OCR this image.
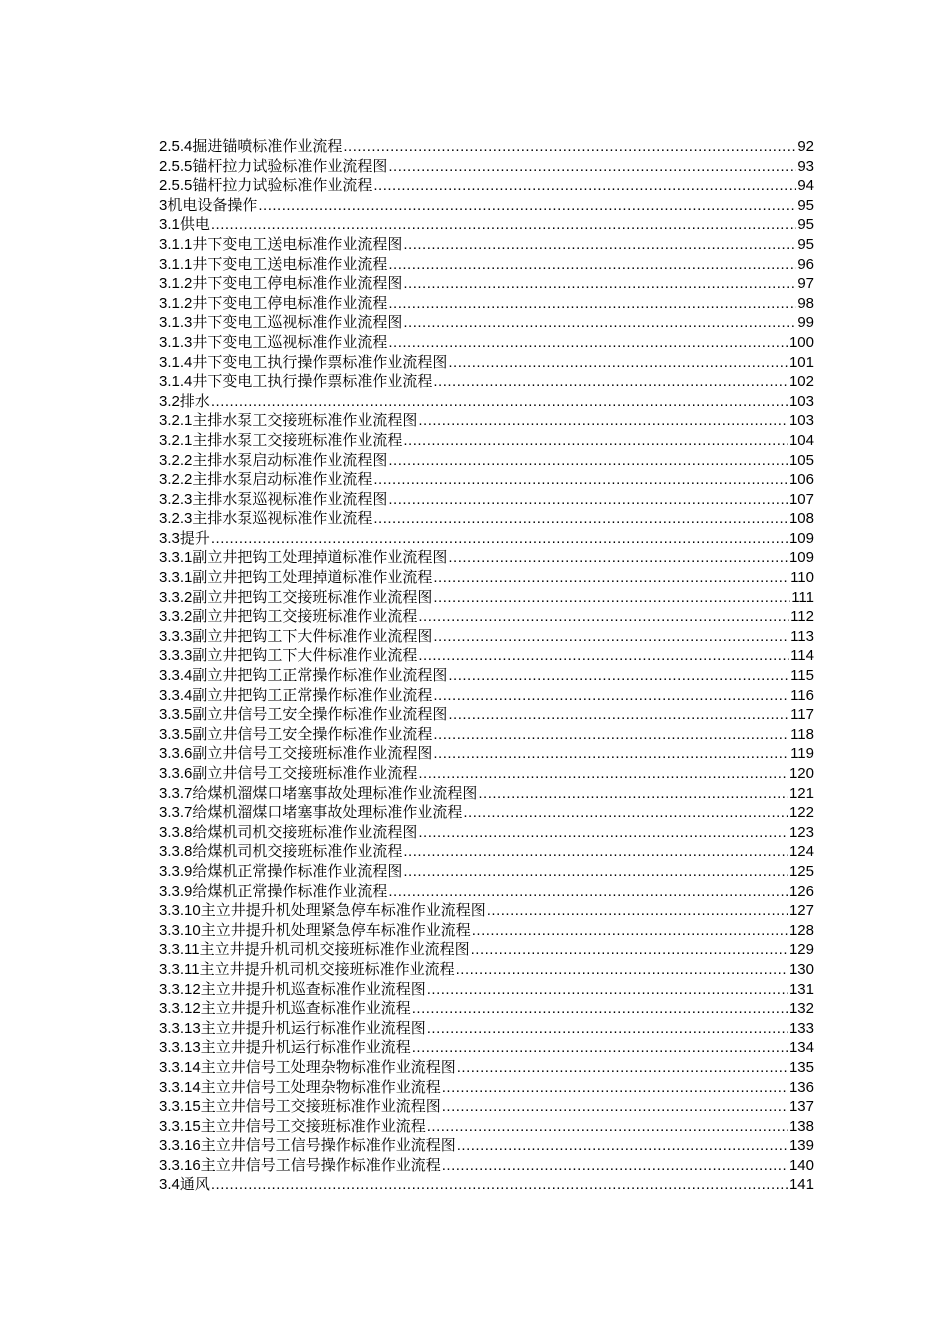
2.5.4 掘进锚喷标准作业流程 .....	92
2.5.5 锚杆拉力试验标准作业流程图 .....	93
2.5.5 锚杆拉力试验标准作业流程 .....	94
3 机电设备操作 .....	95
3.1 供电 .....	95
3.1.1 井下变电工送电标准作业流程图 .....	95
3.1.1 井下变电工送电标准作业流程 .....	96
3.1.2 井下变电工停电标准作业流程图 .....	97
3.1.2 井下变电工停电标准作业流程 .....	98
3.1.3 井下变电工巡视标准作业流程图 .....	99
3.1.3 井下变电工巡视标准作业流程 .....	100
3.1.4 井下变电工执行操作票标准作业流程图 .....	101
3.1.4 井下变电工执行操作票标准作业流程 .....	102
3.2 排水 .....	103
3.2.1 主排水泵工交接班标准作业流程图 .....	103
3.2.1 主排水泵工交接班标准作业流程 .....	104
3.2.2 主排水泵启动标准作业流程图 .....	105
3.2.2 主排水泵启动标准作业流程 .....	106
3.2.3 主排水泵巡视标准作业流程图 .....	107
3.2.3 主排水泵巡视标准作业流程 .....	108
3.3 提升 .....	109
3.3.1 副立井把钩工处理掉道标准作业流程图 .....	109
3.3.1 副立井把钩工处理掉道标准作业流程 .....	110
3.3.2 副立井把钩工交接班标准作业流程图 .....	111
3.3.2 副立井把钩工交接班标准作业流程 .....	112
3.3.3 副立井把钩工下大件标准作业流程图 .....	113
3.3.3 副立井把钩工下大件标准作业流程 .....	114
3.3.4 副立井把钩工正常操作标准作业流程图 .....	115
3.3.4 副立井把钩工正常操作标准作业流程 .....	116
3.3.5 副立井信号工安全操作标准作业流程图 .....	117
3.3.5 副立井信号工安全操作标准作业流程 .....	118
3.3.6 副立井信号工交接班标准作业流程图 .....	119
3.3.6 副立井信号工交接班标准作业流程 .....	120
3.3.7 给煤机溜煤口堵塞事故处理标准作业流程图 .....	121
3.3.7 给煤机溜煤口堵塞事故处理标准作业流程 .....	122
3.3.8 给煤机司机交接班标准作业流程图 .....	123
3.3.8 给煤机司机交接班标准作业流程 .....	124
3.3.9 给煤机正常操作标准作业流程图 .....	125
3.3.9 给煤机正常操作标准作业流程 .....	126
3.3.10 主立井提升机处理紧急停车标准作业流程图 .....	127
3.3.10 主立井提升机处理紧急停车标准作业流程 .....	128
3.3.11 主立井提升机司机交接班标准作业流程图 .....	129
3.3.11 主立井提升机司机交接班标准作业流程 .....	130
3.3.12 主立井提升机巡查标准作业流程图 .....	131
3.3.12 主立井提升机巡查标准作业流程 .....	132
3.3.13 主立井提升机运行标准作业流程图 .....	133
3.3.13 主立井提升机运行标准作业流程 .....	134
3.3.14 主立井信号工处理杂物标准作业流程图 .....	135
3.3.14 主立井信号工处理杂物标准作业流程 .....	136
3.3.15 主立井信号工交接班标准作业流程图 .....	137
3.3.15 主立井信号工交接班标准作业流程 .....	138
3.3.16 主立井信号工信号操作标准作业流程图 .....	139
3.3.16 主立井信号工信号操作标准作业流程 .....	140
3.4 通风 .....	141
